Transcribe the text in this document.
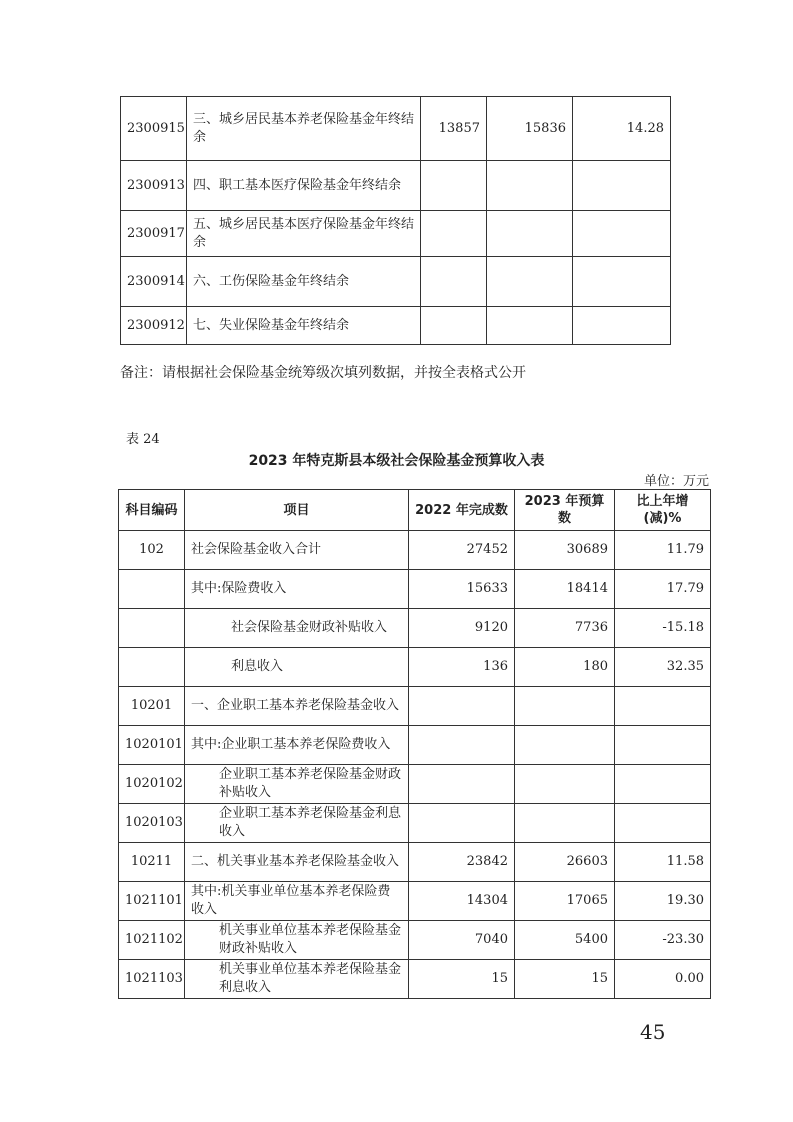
2300915	三、城乡居民基本养老保险基金年终结余	13857	15836	14.28
2300913	四、职工基本医疗保险基金年终结余			
2300917	五、城乡居民基本医疗保险基金年终结余			
2300914	六、工伤保险基金年终结余			
2300912	七、失业保险基金年终结余			
备注：请根据社会保险基金统筹级次填列数据，并按全表格式公开
表 24
2023 年特克斯县本级社会保险基金预算收入表
单位：万元
科目编码	项目	2022 年完成数	2023 年预算数	比上年增(减)%
102	社会保险基金收入合计	27452	30689	11.79
	其中:保险费收入	15633	18414	17.79
	社会保险基金财政补贴收入	9120	7736	-15.18
	利息收入	136	180	32.35
10201	一、企业职工基本养老保险基金收入			
1020101	其中:企业职工基本养老保险费收入			
1020102	企业职工基本养老保险基金财政补贴收入			
1020103	企业职工基本养老保险基金利息收入			
10211	二、机关事业基本养老保险基金收入	23842	26603	11.58
1021101	其中:机关事业单位基本养老保险费收入	14304	17065	19.30
1021102	机关事业单位基本养老保险基金财政补贴收入	7040	5400	-23.30
1021103	机关事业单位基本养老保险基金利息收入	15	15	0.00
45
